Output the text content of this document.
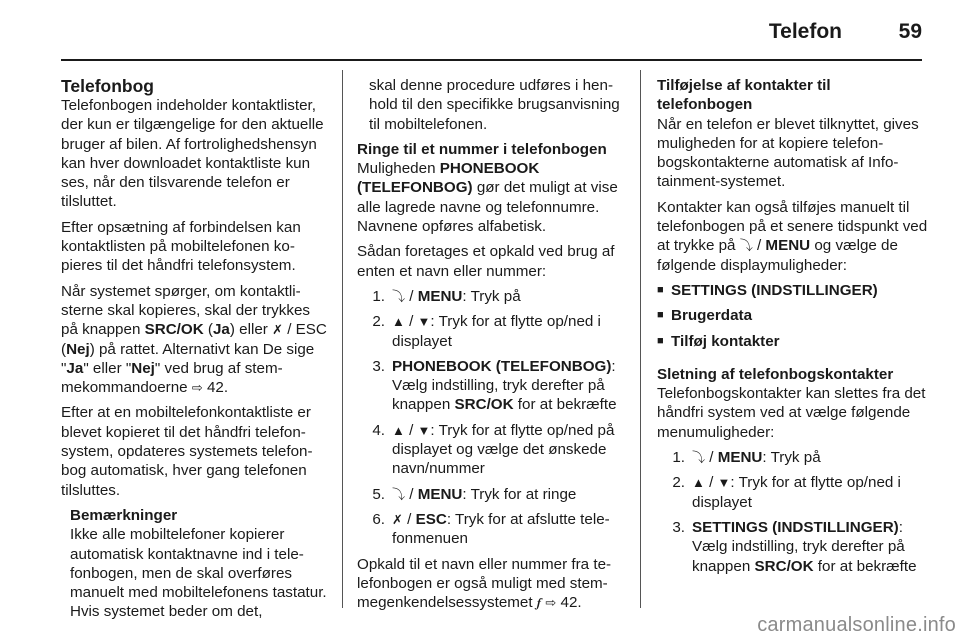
Telefon	59
Telefonbog

Telefonbogen indeholder kontaktlister, der kun er tilgængelige for den aktuelle bruger af bilen. Af fortrolighedshensyn kan hver downloadet kontaktliste kun ses, når den tilsvarende telefon er tilsluttet.

Efter opsætning af forbindelsen kan kontaktlisten på mobiltelefonen kopieres til det håndfri telefonsystem.

Når systemet spørger, om kontaktlisterne skal kopieres, skal der trykkes på knappen SRC/OK (Ja) eller ✗ / ESC (Nej) på rattet. Alternativt kan De sige "Ja" eller "Nej" ved brug af stemmekommandoerne ⇨ 42.

Efter at en mobiltelefonkontaktliste er blevet kopieret til det håndfri telefonsystem, opdateres systemets telefonbog automatisk, hver gang telefonen tilsluttes.

Bemærkninger
Ikke alle mobiltelefoner kopierer automatisk kontaktnavne ind i telefonbogen, men de skal overføres manuelt med mobiltelefonens tastatur. Hvis systemet beder om det,

skal denne procedure udføres i henhold til den specifikke brugsanvisning til mobiltelefonen.

Ringe til et nummer i telefonbogen

Muligheden PHONEBOOK (TELEFONBOG) gør det muligt at vise alle lagrede navne og telefonnumre. Navnene opføres alfabetisk.

Sådan foretages et opkald ved brug af enten et navn eller nummer:

1. ⤵ / MENU: Tryk på
2. ▲ / ▼: Tryk for at flytte op/ned i displayet
3. PHONEBOOK (TELEFONBOG): Vælg indstilling, tryk derefter på knappen SRC/OK for at bekræfte
4. ▲ / ▼: Tryk for at flytte op/ned på displayet og vælge det ønskede navn/nummer
5. ⤵ / MENU: Tryk for at ringe
6. ✗ / ESC: Tryk for at afslutte telefonmenuen

Opkald til et navn eller nummer fra telefonbogen er også muligt med stemmegenkendelsessystemet 𝆑 ⇨ 42.

Tilføjelse af kontakter til telefonbogen

Når en telefon er blevet tilknyttet, gives muligheden for at kopiere telefonbogskontakterne automatisk af Infotainment-systemet.

Kontakter kan også tilføjes manuelt til telefonbogen på et senere tidspunkt ved at trykke på ⤵ / MENU og vælge de følgende displaymuligheder:

■ SETTINGS (INDSTILLINGER)
■ Brugerdata
■ Tilføj kontakter
Sletning af telefonbogskontakter

Telefonbogskontakter kan slettes fra det håndfri system ved at vælge følgende menumuligheder:

1. ⤵ / MENU: Tryk på
2. ▲ / ▼: Tryk for at flytte op/ned i displayet
3. SETTINGS (INDSTILLINGER): Vælg indstilling, tryk derefter på knappen SRC/OK for at bekræfte
carmanualsonline.info
